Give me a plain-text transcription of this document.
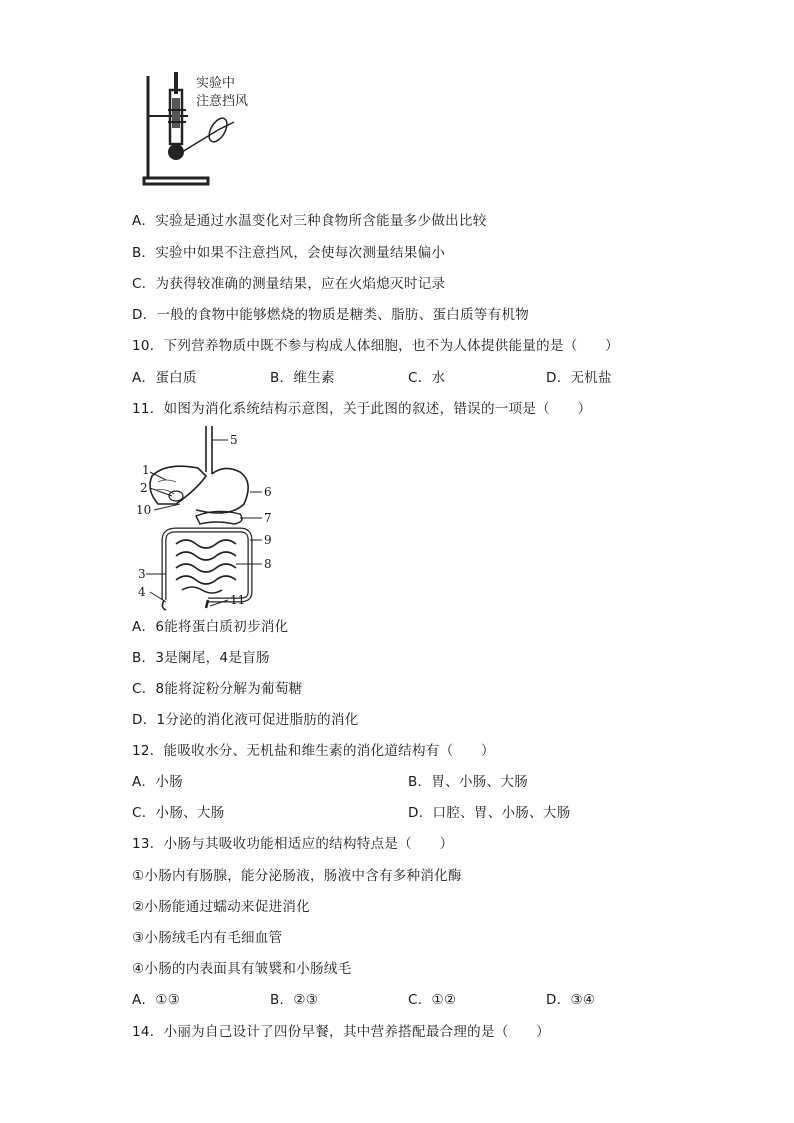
实验中
注意挡风
A．实验是通过水温变化对三种食物所含能量多少做出比较
B．实验中如果不注意挡风，会使每次测量结果偏小
C．为获得较准确的测量结果，应在火焰熄灭时记录
D．一般的食物中能够燃烧的物质是糖类、脂肪、蛋白质等有机物
10．下列营养物质中既不参与构成人体细胞，也不为人体提供能量的是（　　）
A．蛋白质	B．维生素	C．水	D．无机盐
11．如图为消化系统结构示意图，关于此图的叙述，错误的一项是（　　）
1
2
3
4
5
6
7
8
9
10
11
A．6能将蛋白质初步消化
B．3是阑尾，4是盲肠
C．8能将淀粉分解为葡萄糖
D．1分泌的消化液可促进脂肪的消化
12．能吸收水分、无机盐和维生素的消化道结构有（　　）
A．小肠	B．胃、小肠、大肠
C．小肠、大肠	D．口腔、胃、小肠、大肠
13．小肠与其吸收功能相适应的结构特点是（　　）
①小肠内有肠腺，能分泌肠液，肠液中含有多种消化酶
②小肠能通过蠕动来促进消化
③小肠绒毛内有毛细血管
④小肠的内表面具有皱襞和小肠绒毛
A．①③	B．②③	C．①②	D．③④
14．小丽为自己设计了四份早餐，其中营养搭配最合理的是（　　）
